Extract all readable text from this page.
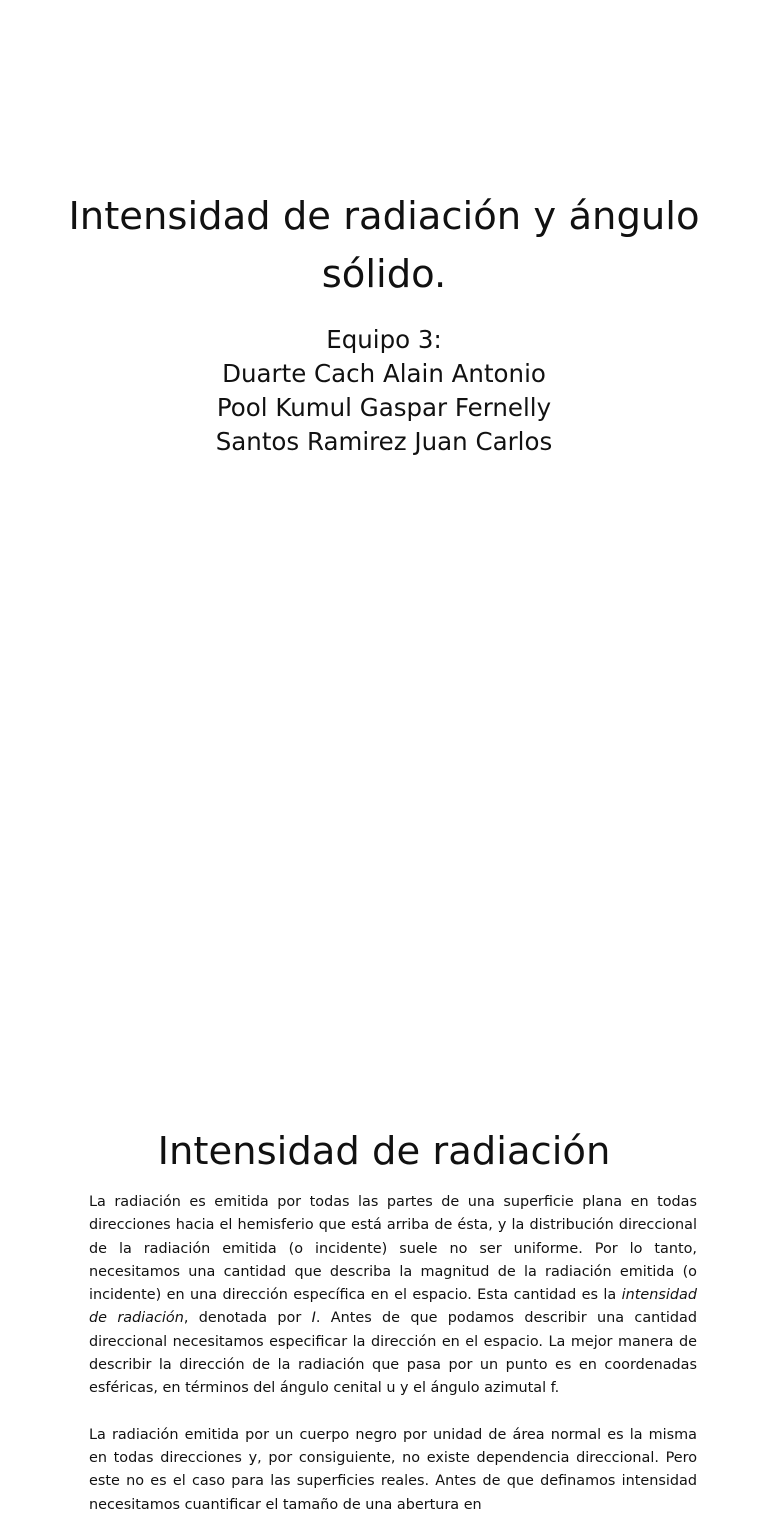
Intensidad de radiación y ángulo sólido.
Equipo 3:
Duarte Cach Alain Antonio
Pool Kumul Gaspar Fernelly
Santos Ramirez Juan Carlos
Intensidad de radiación

La radiación es emitida por todas las partes de una superficie plana en todas direcciones hacia el hemisferio que está arriba de ésta, y la distribución direccional de la radiación emitida (o incidente) suele no ser uniforme. Por lo tanto, necesitamos una cantidad que describa la magnitud de la radiación emitida (o incidente) en una dirección específica en el espacio. Esta cantidad es la intensidad de radiación, denotada por I. Antes de que podamos describir una cantidad direccional necesitamos especificar la dirección en el espacio. La mejor manera de describir la dirección de la radiación que pasa por un punto es en coordenadas esféricas, en términos del ángulo cenital u y el ángulo azimutal f.

La radiación emitida por un cuerpo negro por unidad de área normal es la misma en todas direcciones y, por consiguiente, no existe dependencia direccional. Pero este no es el caso para las superficies reales. Antes de que definamos intensidad necesitamos cuantificar el tamaño de una abertura en
